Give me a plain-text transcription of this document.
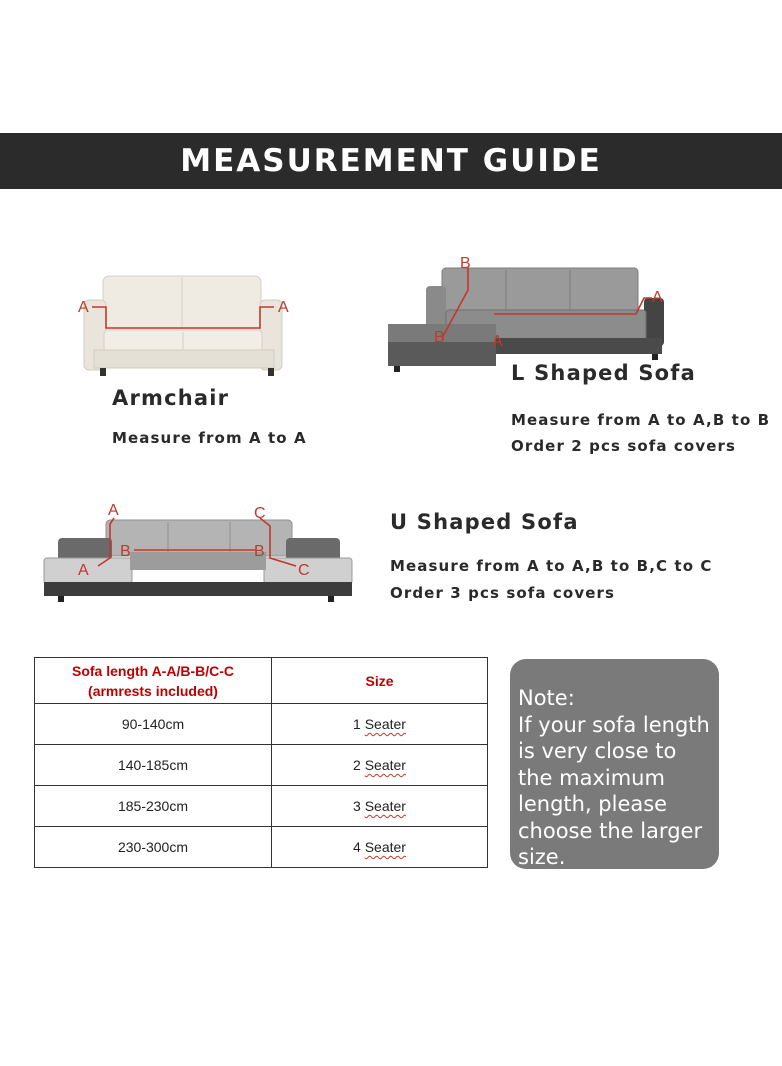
MEASUREMENT GUIDE
A	A
Armchair
Measure from A to A
B
B	A
A
L Shaped Sofa
Measure from A to A,B to B
Order 2 pcs sofa covers
A
A
B	B
C
C
U Shaped Sofa
Measure from A to A,B to B,C to C
Order 3 pcs sofa covers
Sofa length A-A/B-B/C-C
(armrests included)	Size
90-140cm	1 Seater
140-185cm	2 Seater
185-230cm	3 Seater
230-300cm	4 Seater
Note:
If your sofa length is very close to the maximum length, please choose the larger size.
